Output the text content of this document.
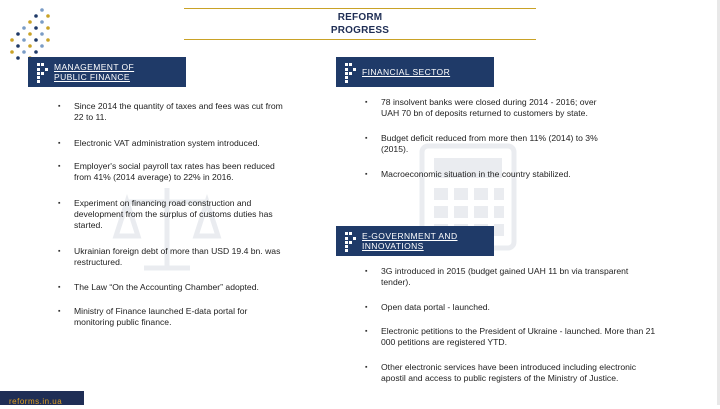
REFORM
PROGRESS
MANAGEMENT OF
PUBLIC FINANCE
▪ Since 2014 the quantity of taxes and fees was cut from
22 to 11.
▪ Electronic VAT administration system introduced.
▪ Employer's social payroll tax rates has been reduced
from 41% (2014 average) to 22% in 2016.
▪ Experiment on financing road construction and
development from the surplus of customs duties has
started.
▪ Ukrainian foreign debt of more than USD 19.4 bn. was
restructured.
▪ The Law “On the Accounting Chamber” adopted.
▪ Ministry of Finance launched E-data portal for
monitoring public finance.
FINANCIAL SECTOR
▪ 78 insolvent banks were closed during 2014 - 2016; over
UAH 70 bn of deposits returned to customers by state.
▪ Budget deficit reduced from more then 11% (2014) to 3%
(2015).
▪ Macroeconomic situation in the country stabilized.
E-GOVERNMENT AND
INNOVATIONS
▪ 3G introduced in 2015 (budget gained UAH 11 bn via transparent
tender).
▪ Open data portal - launched.
▪ Electronic petitions to the President of Ukraine - launched. More than 21
000 petitions are registered YTD.
▪ Other electronic services have been introduced including electronic
apostil and access to public registers of the Ministry of Justice.
reforms.in.ua
